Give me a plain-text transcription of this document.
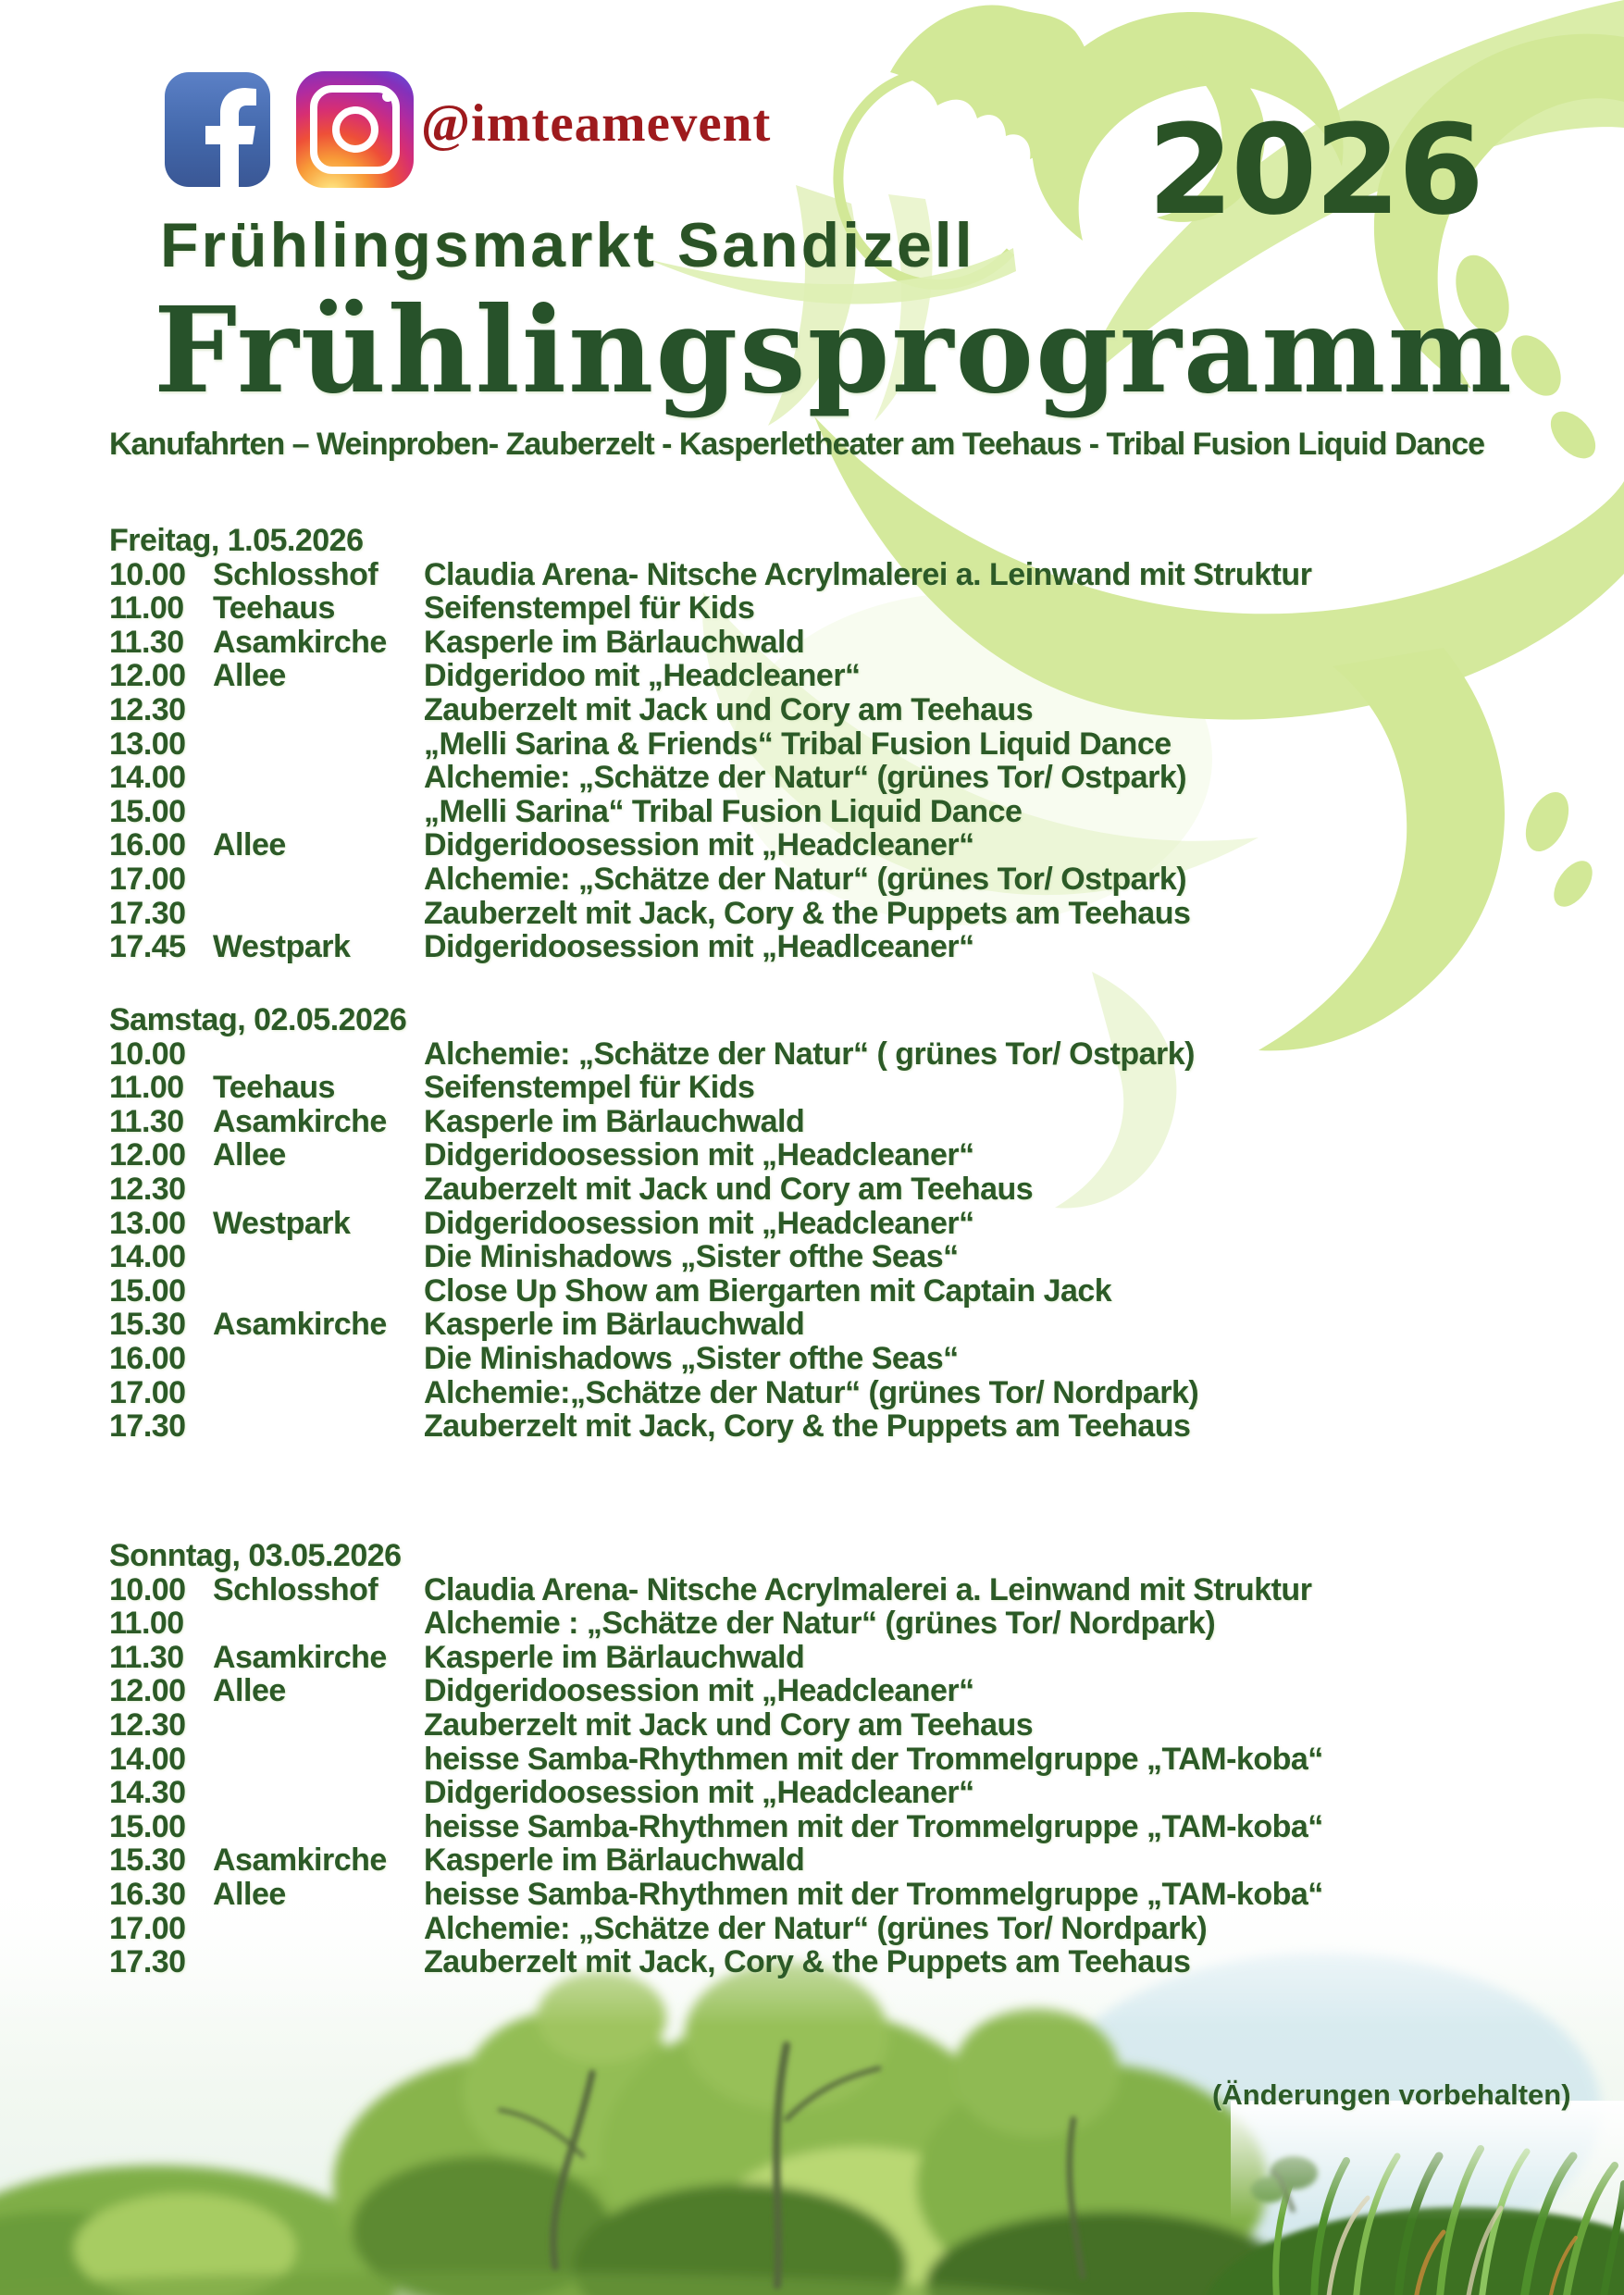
@imteamevent	2026
Frühlingsmarkt Sandizell
Frühlingsprogramm
Kanufahrten – Weinproben- Zauberzelt - Kasperletheater am Teehaus - Tribal Fusion Liquid Dance
Freitag, 1.05.2026
10.00 Schlosshof	Claudia Arena- Nitsche Acrylmalerei a. Leinwand mit Struktur
11.00 Teehaus	Seifenstempel für Kids
11.30 Asamkirche	Kasperle im Bärlauchwald
12.00 Allee	Didgeridoo mit „Headcleaner“
12.30	Zauberzelt mit Jack und Cory am Teehaus
13.00	„Melli Sarina & Friends“ Tribal Fusion Liquid Dance
14.00	Alchemie: „Schätze der Natur“ (grünes Tor/ Ostpark)
15.00	„Melli Sarina“ Tribal Fusion Liquid Dance
16.00 Allee	Didgeridoosession mit „Headcleaner“
17.00	Alchemie: „Schätze der Natur“ (grünes Tor/ Ostpark)
17.30	Zauberzelt mit Jack, Cory & the Puppets am Teehaus
17.45 Westpark	Didgeridoosession mit „Headlceaner“
Samstag, 02.05.2026
10.00	Alchemie: „Schätze der Natur“ ( grünes Tor/ Ostpark)
11.00 Teehaus	Seifenstempel für Kids
11.30 Asamkirche	Kasperle im Bärlauchwald
12.00 Allee	Didgeridoosession mit „Headcleaner“
12.30	Zauberzelt mit Jack und Cory am Teehaus
13.00 Westpark	Didgeridoosession mit „Headcleaner“
14.00	Die Minishadows „Sister ofthe Seas“
15.00	Close Up Show am Biergarten mit Captain Jack
15.30 Asamkirche	Kasperle im Bärlauchwald
16.00	Die Minishadows „Sister ofthe Seas“
17.00	Alchemie:„Schätze der Natur“ (grünes Tor/ Nordpark)
17.30	Zauberzelt mit Jack, Cory & the Puppets am Teehaus
Sonntag, 03.05.2026
10.00 Schlosshof	Claudia Arena- Nitsche Acrylmalerei a. Leinwand mit Struktur
11.00	Alchemie : „Schätze der Natur“ (grünes Tor/ Nordpark)
11.30 Asamkirche	Kasperle im Bärlauchwald
12.00 Allee	Didgeridoosession mit „Headcleaner“
12.30	Zauberzelt mit Jack und Cory am Teehaus
14.00	heisse Samba-Rhythmen mit der Trommelgruppe „TAM-koba“
14.30	Didgeridoosession mit „Headcleaner“
15.00	heisse Samba-Rhythmen mit der Trommelgruppe „TAM-koba“
15.30 Asamkirche	Kasperle im Bärlauchwald
16.30 Allee	heisse Samba-Rhythmen mit der Trommelgruppe „TAM-koba“
17.00	Alchemie: „Schätze der Natur“ (grünes Tor/ Nordpark)
17.30	Zauberzelt mit Jack, Cory & the Puppets am Teehaus
(Änderungen vorbehalten)
